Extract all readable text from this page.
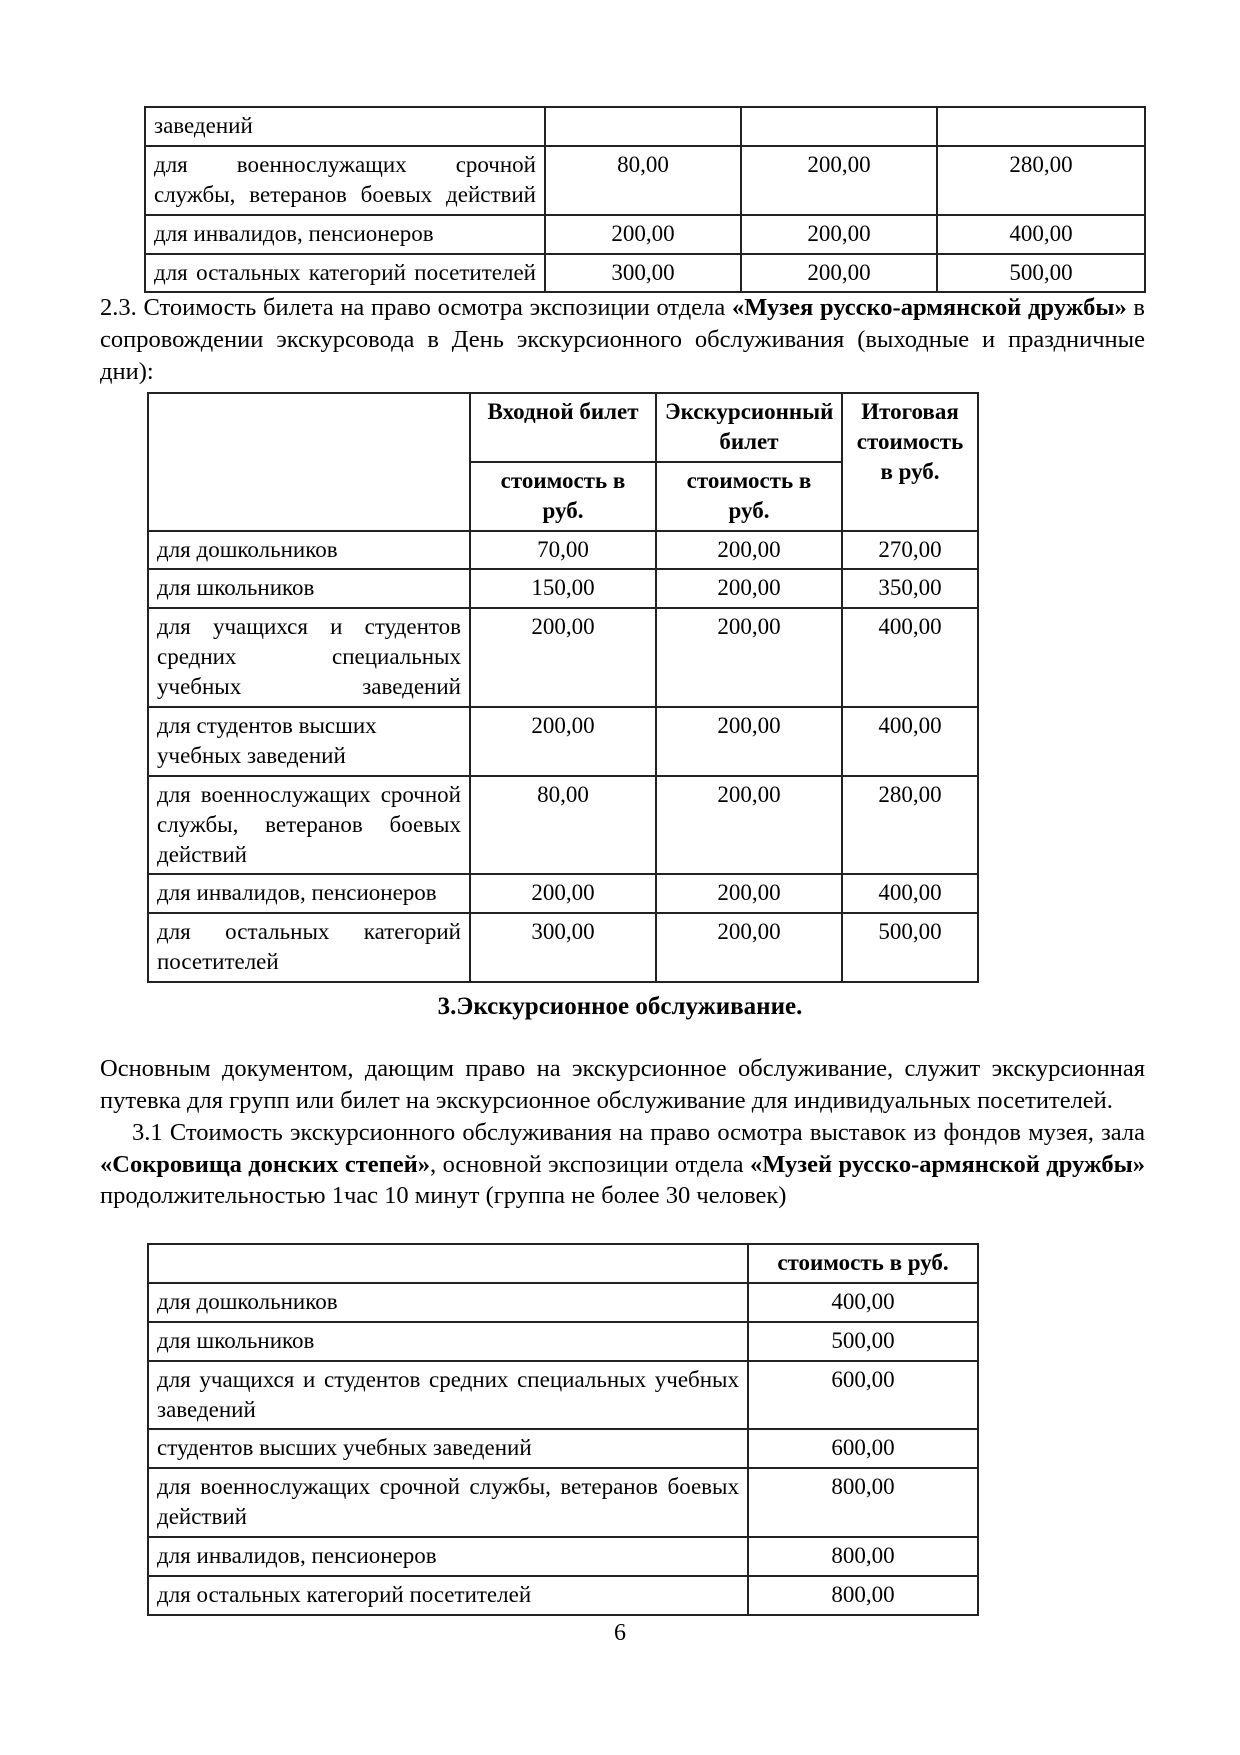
заведений			
для военнослужащих срочной службы, ветеранов боевых действий	80,00	200,00	280,00
для инвалидов, пенсионеров	200,00	200,00	400,00
для остальных категорий посетителей	300,00	200,00	500,00

2.3. Стоимость билета на право осмотра экспозиции отдела «Музея русско-армянской дружбы» в сопровождении экскурсовода в День экскурсионного обслуживания (выходные и праздничные дни):

	Входной билет	Экскурсионный билет	Итоговая стоимость в руб.
	стоимость в руб.	стоимость в руб.	
для дошкольников	70,00	200,00	270,00
для школьников	150,00	200,00	350,00
для учащихся и студентов средних специальных учебных заведений	200,00	200,00	400,00
для студентов высших учебных заведений	200,00	200,00	400,00
для военнослужащих срочной службы, ветеранов боевых действий	80,00	200,00	280,00
для инвалидов, пенсионеров	200,00	200,00	400,00
для остальных категорий посетителей	300,00	200,00	500,00
3.Экскурсионное обслуживание.

Основным документом, дающим право на экскурсионное обслуживание, служит экскурсионная путевка для групп или билет на экскурсионное обслуживание для индивидуальных посетителей.

3.1 Стоимость экскурсионного обслуживания на право осмотра выставок из фондов музея, зала «Сокровища донских степей», основной экспозиции отдела «Музей русско-армянской дружбы» продолжительностью 1час 10 минут (группа не более 30 человек)

	стоимость в руб.
для дошкольников	400,00
для школьников	500,00
для учащихся и студентов средних специальных учебных заведений	600,00
студентов высших учебных заведений	600,00
для военнослужащих срочной службы, ветеранов боевых действий	800,00
для инвалидов, пенсионеров	800,00
для остальных категорий посетителей	800,00
6
